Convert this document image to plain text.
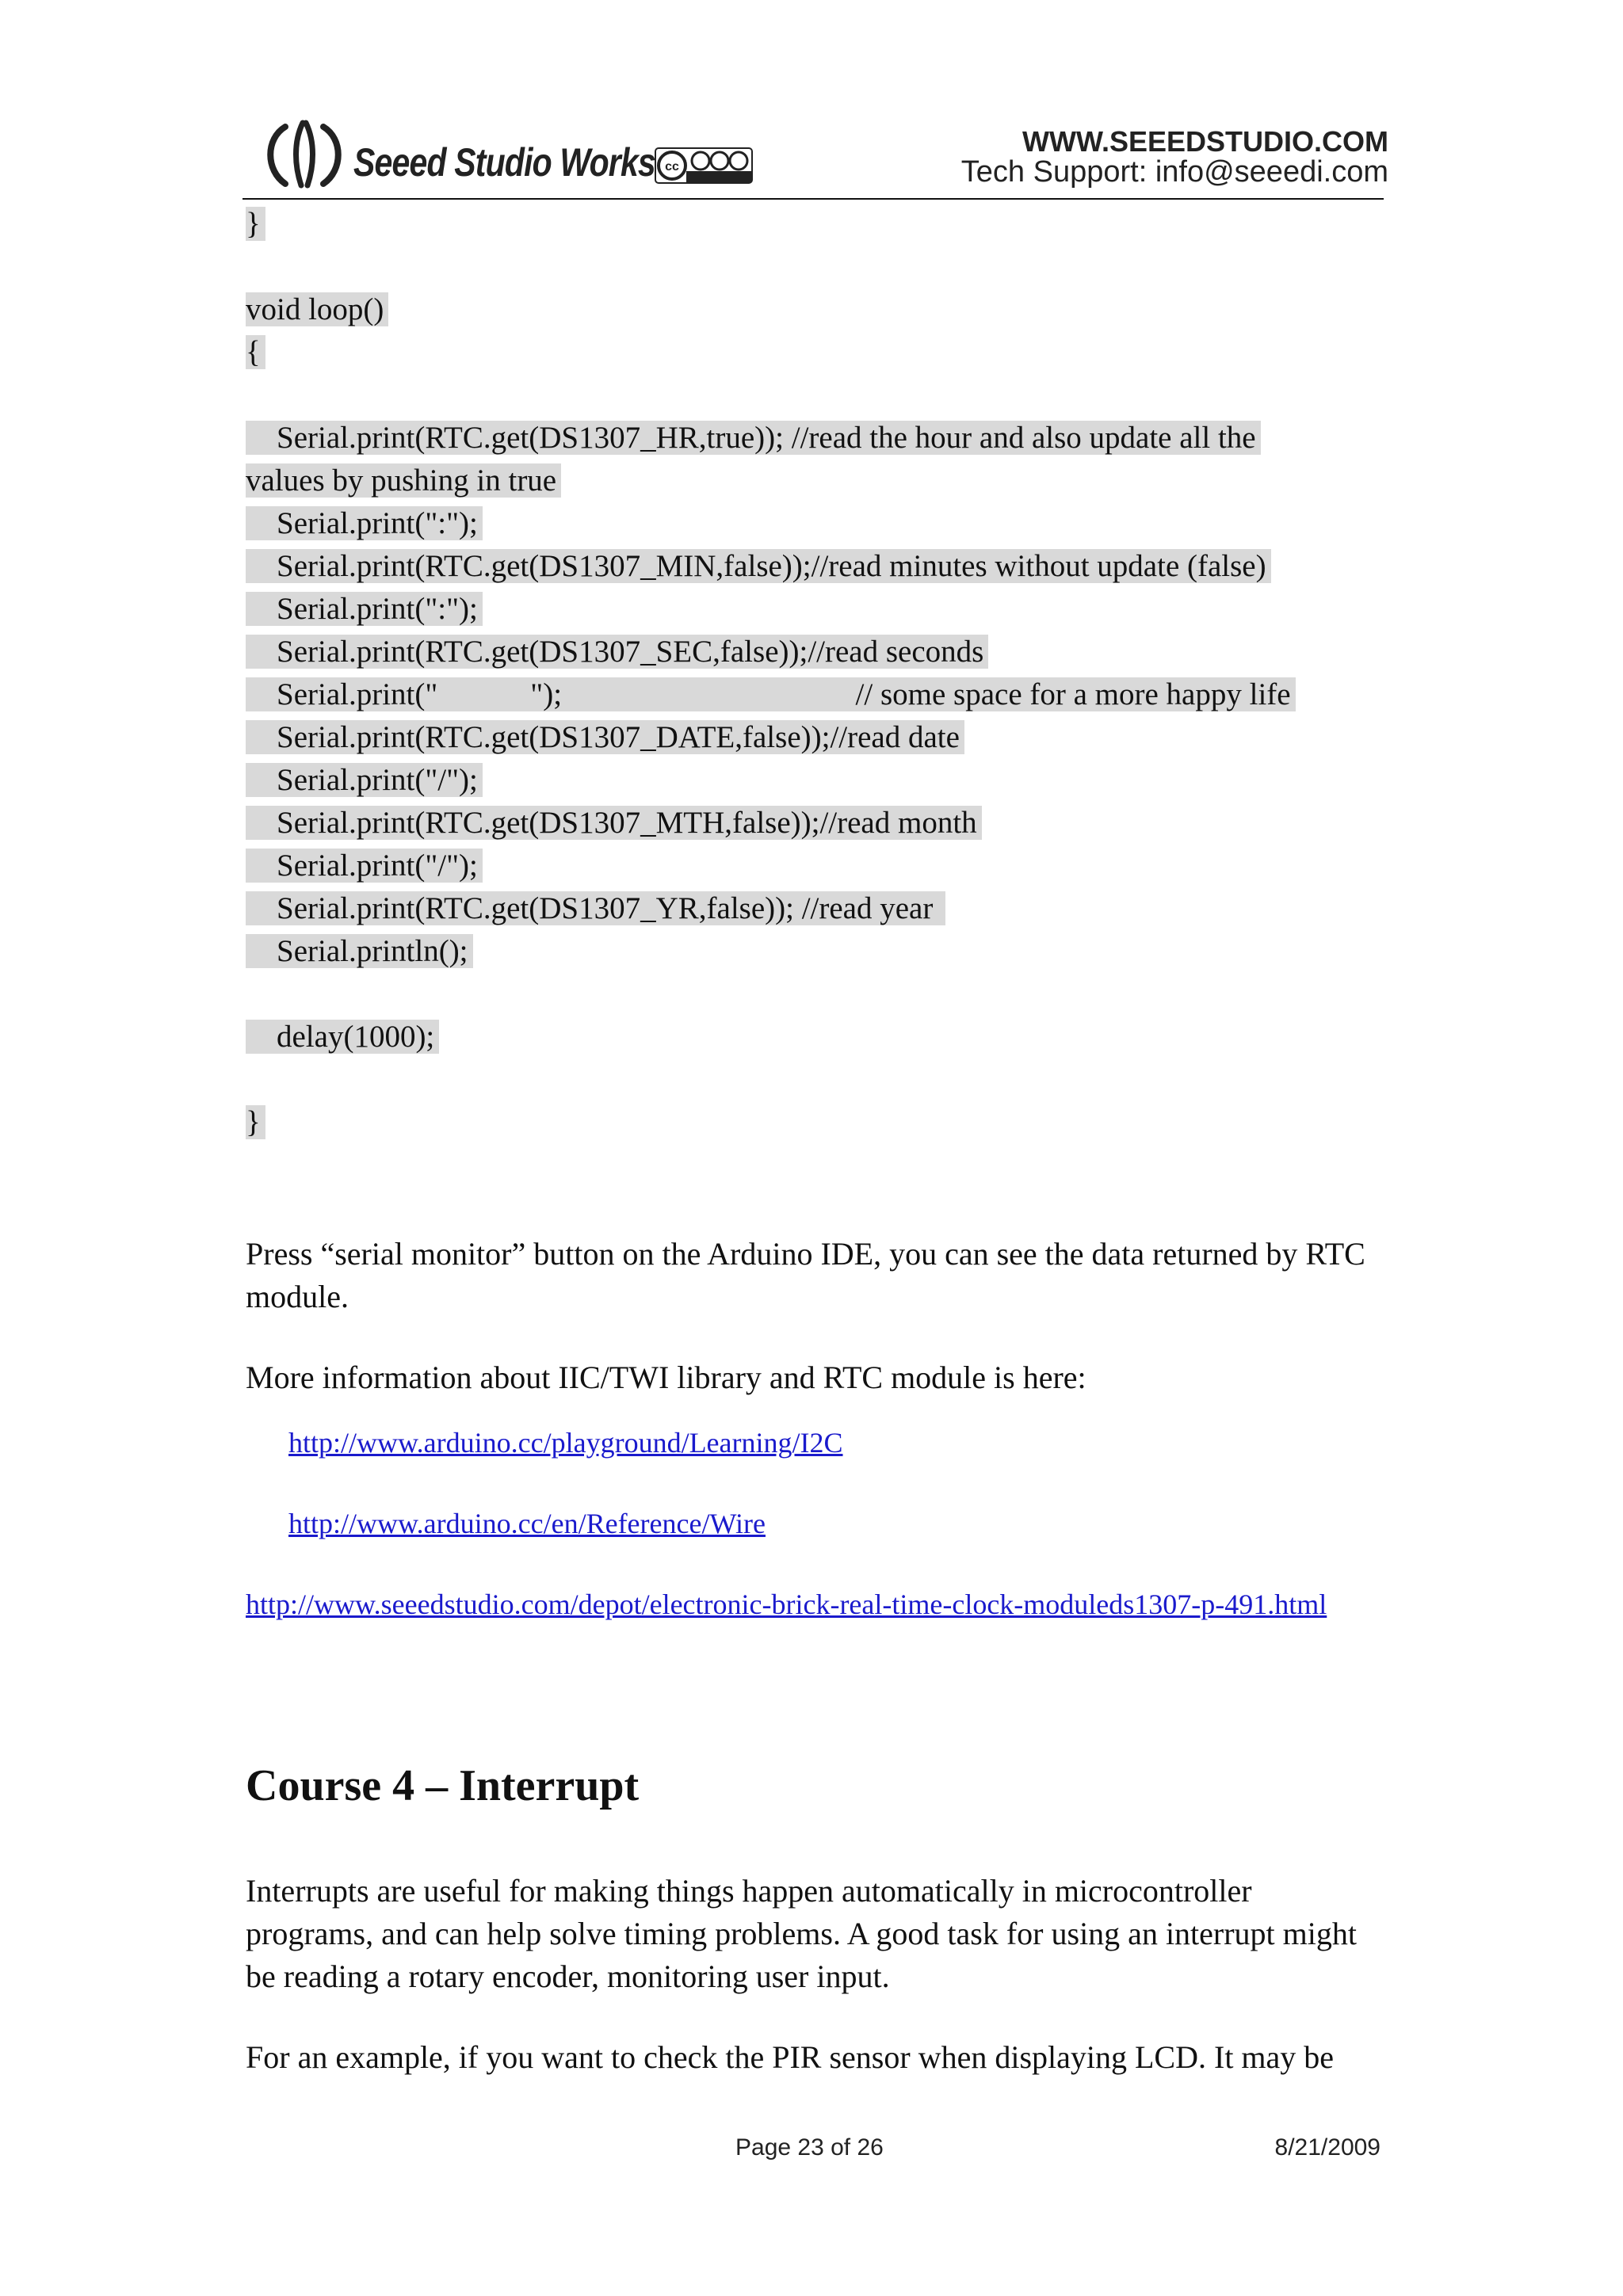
Seeed Studio Works cc
WWW.SEEEDSTUDIO.COM
Tech Support: info@seeedi.com
}
void loop()
{
Serial.print(RTC.get(DS1307_HR,true)); //read the hour and also update all the
values by pushing in true
Serial.print(":");
Serial.print(RTC.get(DS1307_MIN,false));//read minutes without update (false)
Serial.print(":");
Serial.print(RTC.get(DS1307_SEC,false));//read seconds
Serial.print("            ");                                      // some space for a more happy life
Serial.print(RTC.get(DS1307_DATE,false));//read date
Serial.print("/");
Serial.print(RTC.get(DS1307_MTH,false));//read month
Serial.print("/");
Serial.print(RTC.get(DS1307_YR,false)); //read year
Serial.println();
delay(1000);
}
Press “serial monitor” button on the Arduino IDE, you can see the data returned by RTC module.
More information about IIC/TWI library and RTC module is here:
http://www.arduino.cc/playground/Learning/I2C
http://www.arduino.cc/en/Reference/Wire
http://www.seeedstudio.com/depot/electronic-brick-real-time-clock-moduleds1307-p-491.html
Course 4 – Interrupt
Interrupts are useful for making things happen automatically in microcontroller programs, and can help solve timing problems. A good task for using an interrupt might be reading a rotary encoder, monitoring user input.
For an example, if you want to check the PIR sensor when displaying LCD. It may be
Page 23 of 26	8/21/2009
